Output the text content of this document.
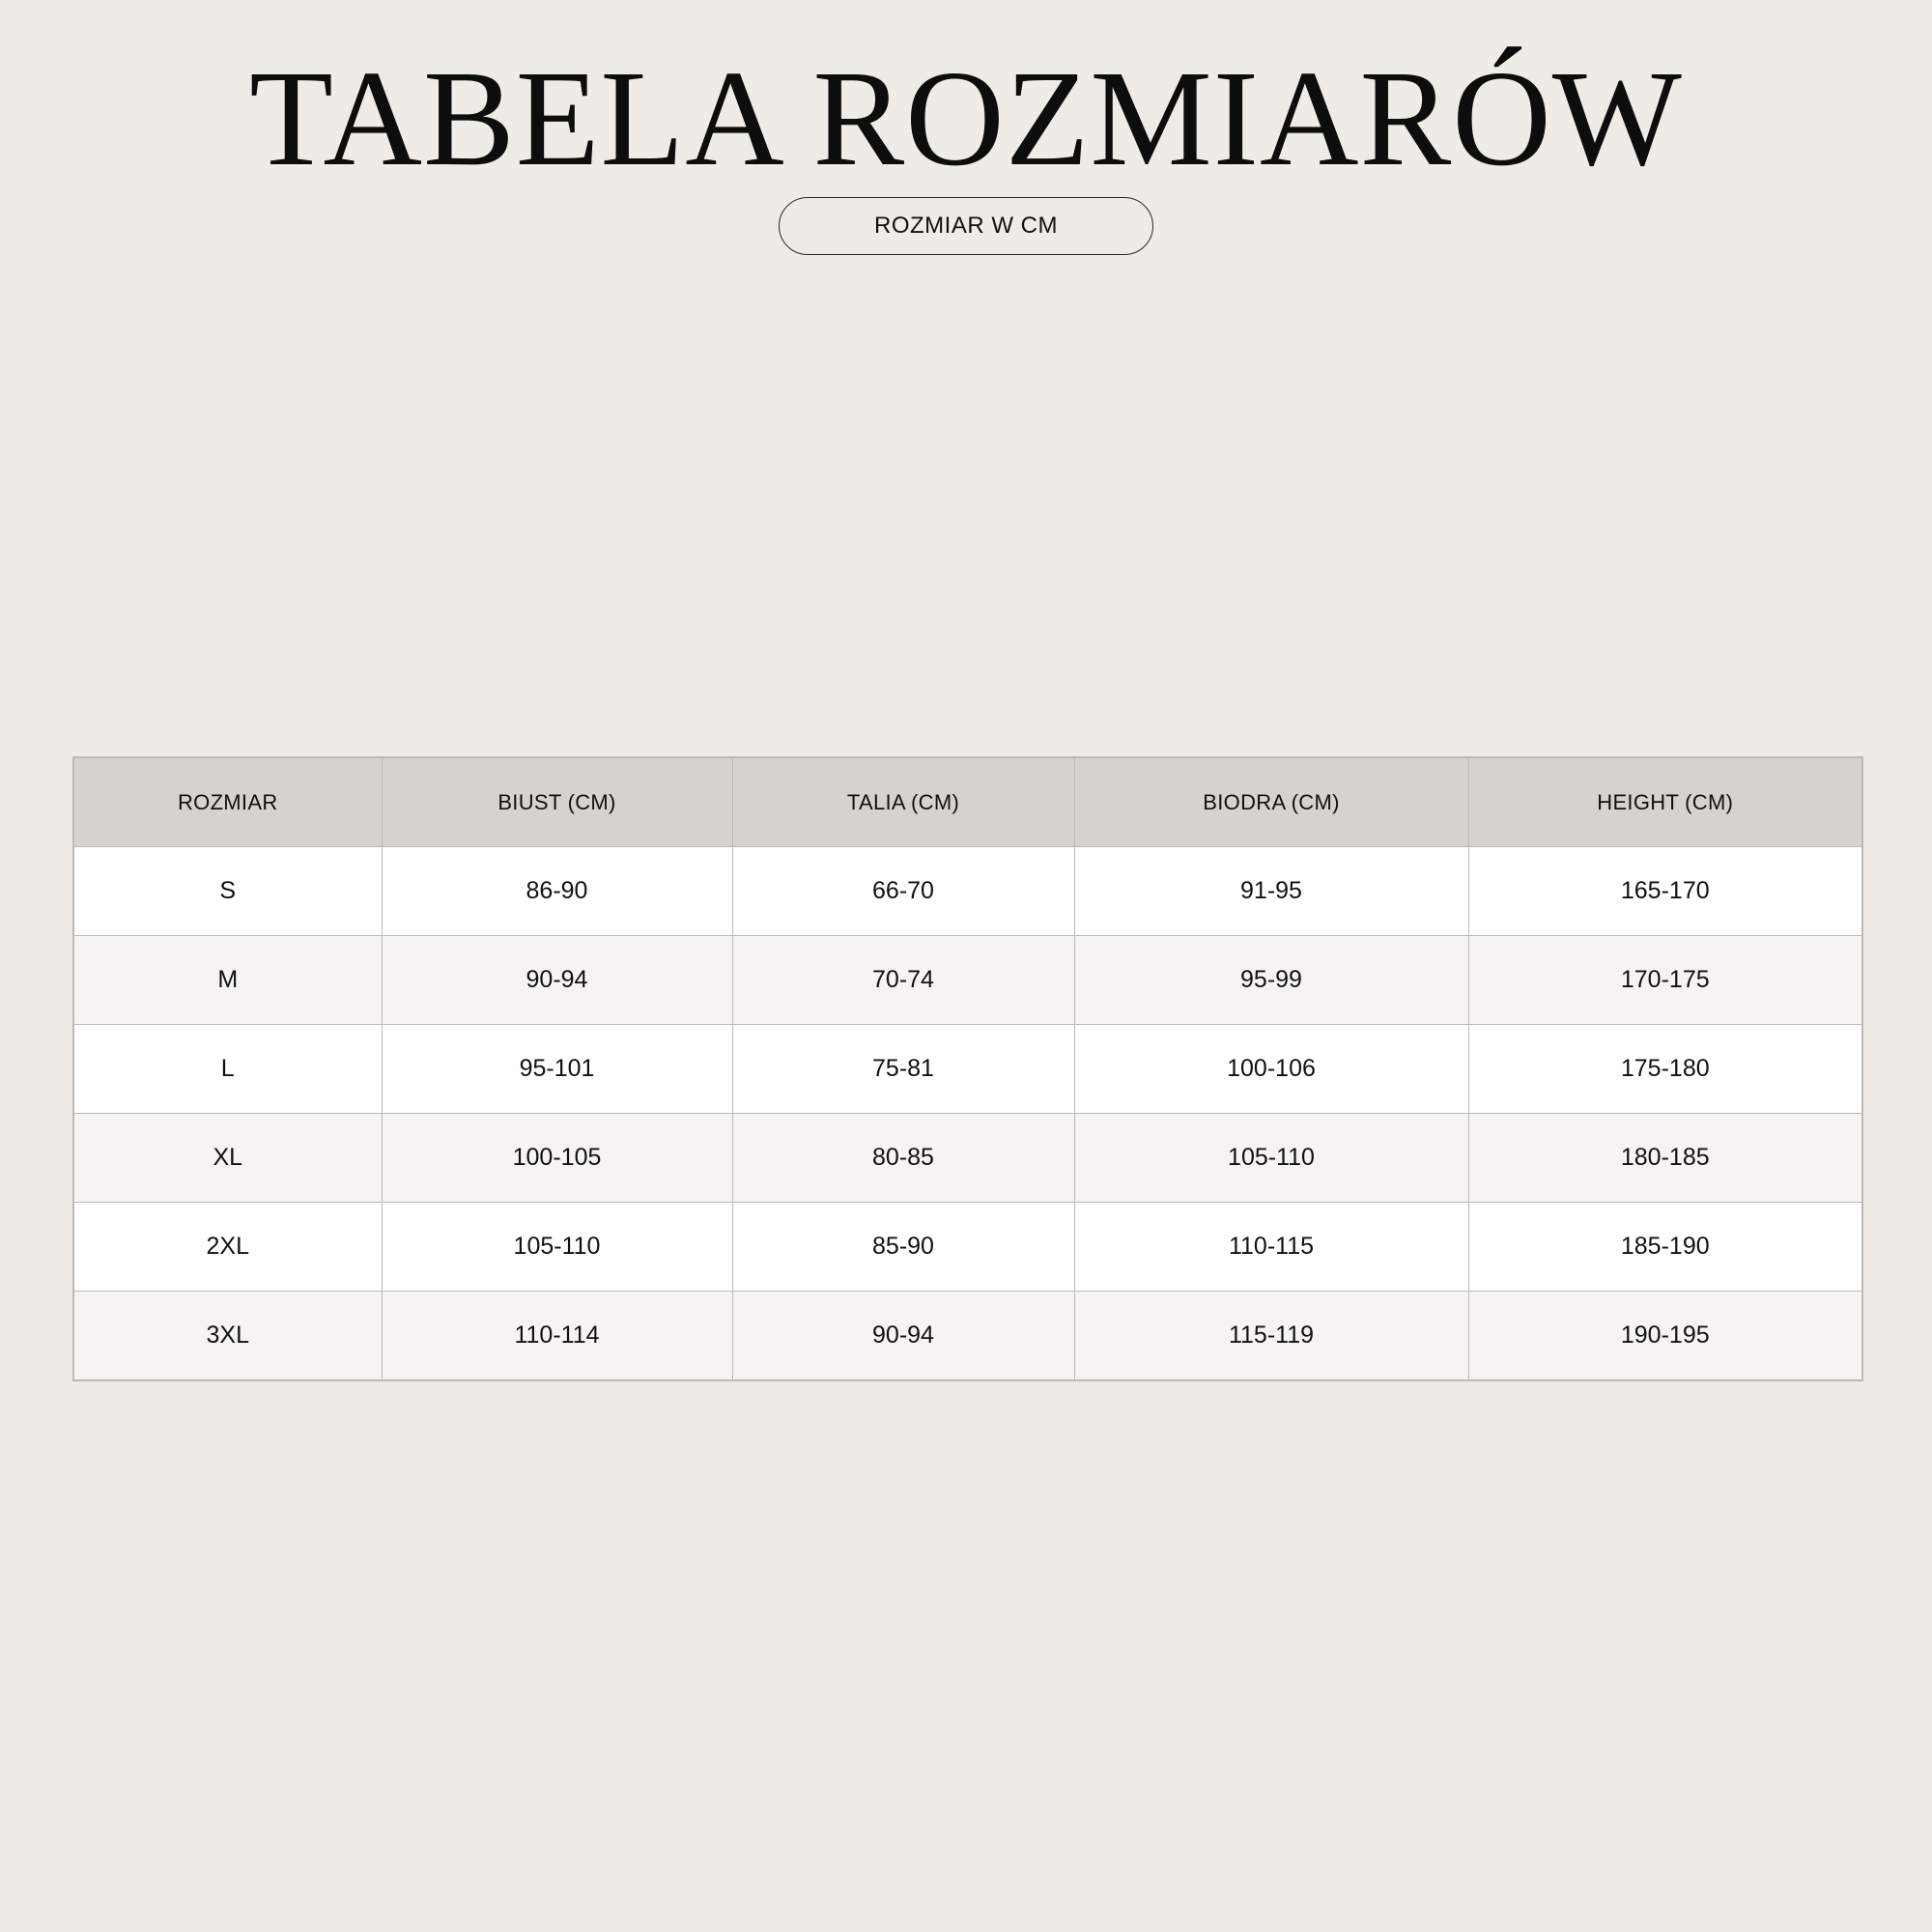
TABELA ROZMIARÓW
ROZMIAR W CM
ROZMIAR	BIUST (CM)	TALIA (CM)	BIODRA (CM)	HEIGHT (CM)
S	86-90	66-70	91-95	165-170
M	90-94	70-74	95-99	170-175
L	95-101	75-81	100-106	175-180
XL	100-105	80-85	105-110	180-185
2XL	105-110	85-90	110-115	185-190
3XL	110-114	90-94	115-119	190-195
